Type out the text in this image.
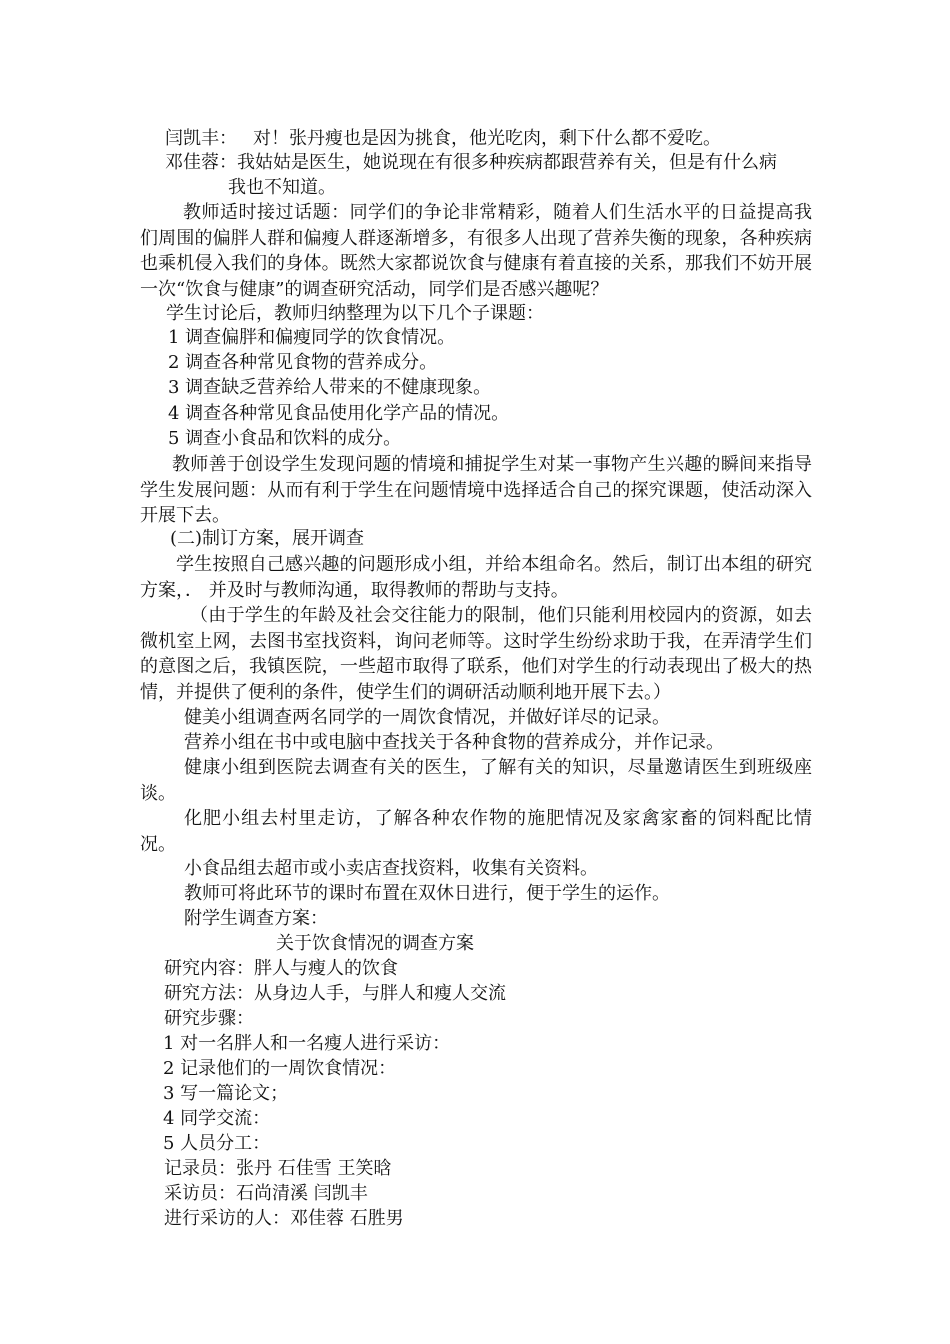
闫凯丰： 对！张丹瘦也是因为挑食，他光吃肉，剩下什么都不爱吃。
邓佳蓉：我姑姑是医生，她说现在有很多种疾病都跟营养有关，但是有什么病
我也不知道。
教师适时接过话题：同学们的争论非常精彩，随着人们生活水平的日益提高我们周围的偏胖人群和偏瘦人群逐渐增多，有很多人出现了营养失衡的现象，各种疾病也乘机侵入我们的身体。既然大家都说饮食与健康有着直接的关系，那我们不妨开展一次“饮食与健康”的调查研究活动，同学们是否感兴趣呢？
学生讨论后，教师归纳整理为以下几个子课题：
1 调查偏胖和偏瘦同学的饮食情况。
2 调查各种常见食物的营养成分。
3 调查缺乏营养给人带来的不健康现象。
4 调查各种常见食品使用化学产品的情况。
5 调查小食品和饮料的成分。
教师善于创设学生发现问题的情境和捕捉学生对某一事物产生兴趣的瞬间来指导学生发展问题：从而有利于学生在问题情境中选择适合自己的探究课题，使活动深入开展下去。
(二)制订方案，展开调查
学生按照自己感兴趣的问题形成小组，并给本组命名。然后，制订出本组的研究方案，． 并及时与教师沟通，取得教师的帮助与支持。
（由于学生的年龄及社会交往能力的限制，他们只能利用校园内的资源，如去微机室上网，去图书室找资料，询问老师等。这时学生纷纷求助于我，在弄清学生们的意图之后，我镇医院，一些超市取得了联系，他们对学生的行动表现出了极大的热情，并提供了便利的条件，使学生们的调研活动顺利地开展下去。）
健美小组调查两名同学的一周饮食情况，并做好详尽的记录。
营养小组在书中或电脑中查找关于各种食物的营养成分，并作记录。
健康小组到医院去调查有关的医生，了解有关的知识，尽量邀请医生到班级座谈。
化肥小组去村里走访，了解各种农作物的施肥情况及家禽家畜的饲料配比情况。
小食品组去超市或小卖店查找资料，收集有关资料。
教师可将此环节的课时布置在双休日进行，便于学生的运作。
附学生调查方案：
关于饮食情况的调查方案
研究内容：胖人与瘦人的饮食
研究方法：从身边人手，与胖人和瘦人交流
研究步骤：
1 对一名胖人和一名瘦人进行采访：
2 记录他们的一周饮食情况：
3 写一篇论文；
4 同学交流：
5 人员分工：
记录员：张丹 石佳雪 王笑晗
采访员：石尚清溪 闫凯丰
进行采访的人：邓佳蓉 石胜男
